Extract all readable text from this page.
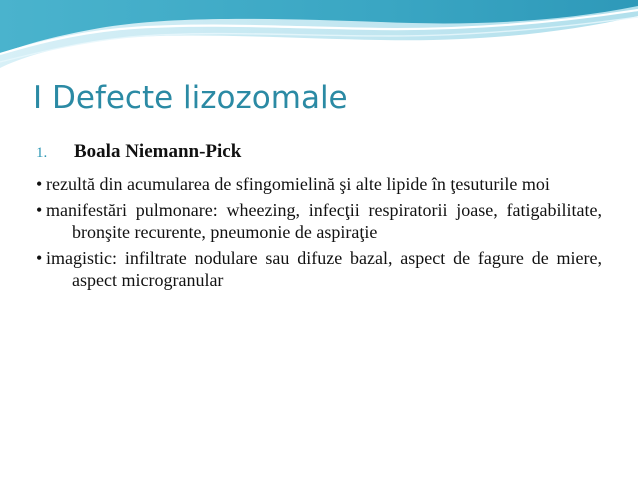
I Defecte lizozomale

1. Boala Niemann-Pick

• rezultă din acumularea de sfingomielină şi alte lipide în ţesuturile moi

• manifestări pulmonare: wheezing, infecţii respiratorii joase, fatigabilitate, bronşite recurente, pneumonie de aspiraţie

• imagistic: infiltrate nodulare sau difuze bazal, aspect de fagure de miere, aspect microgranular
